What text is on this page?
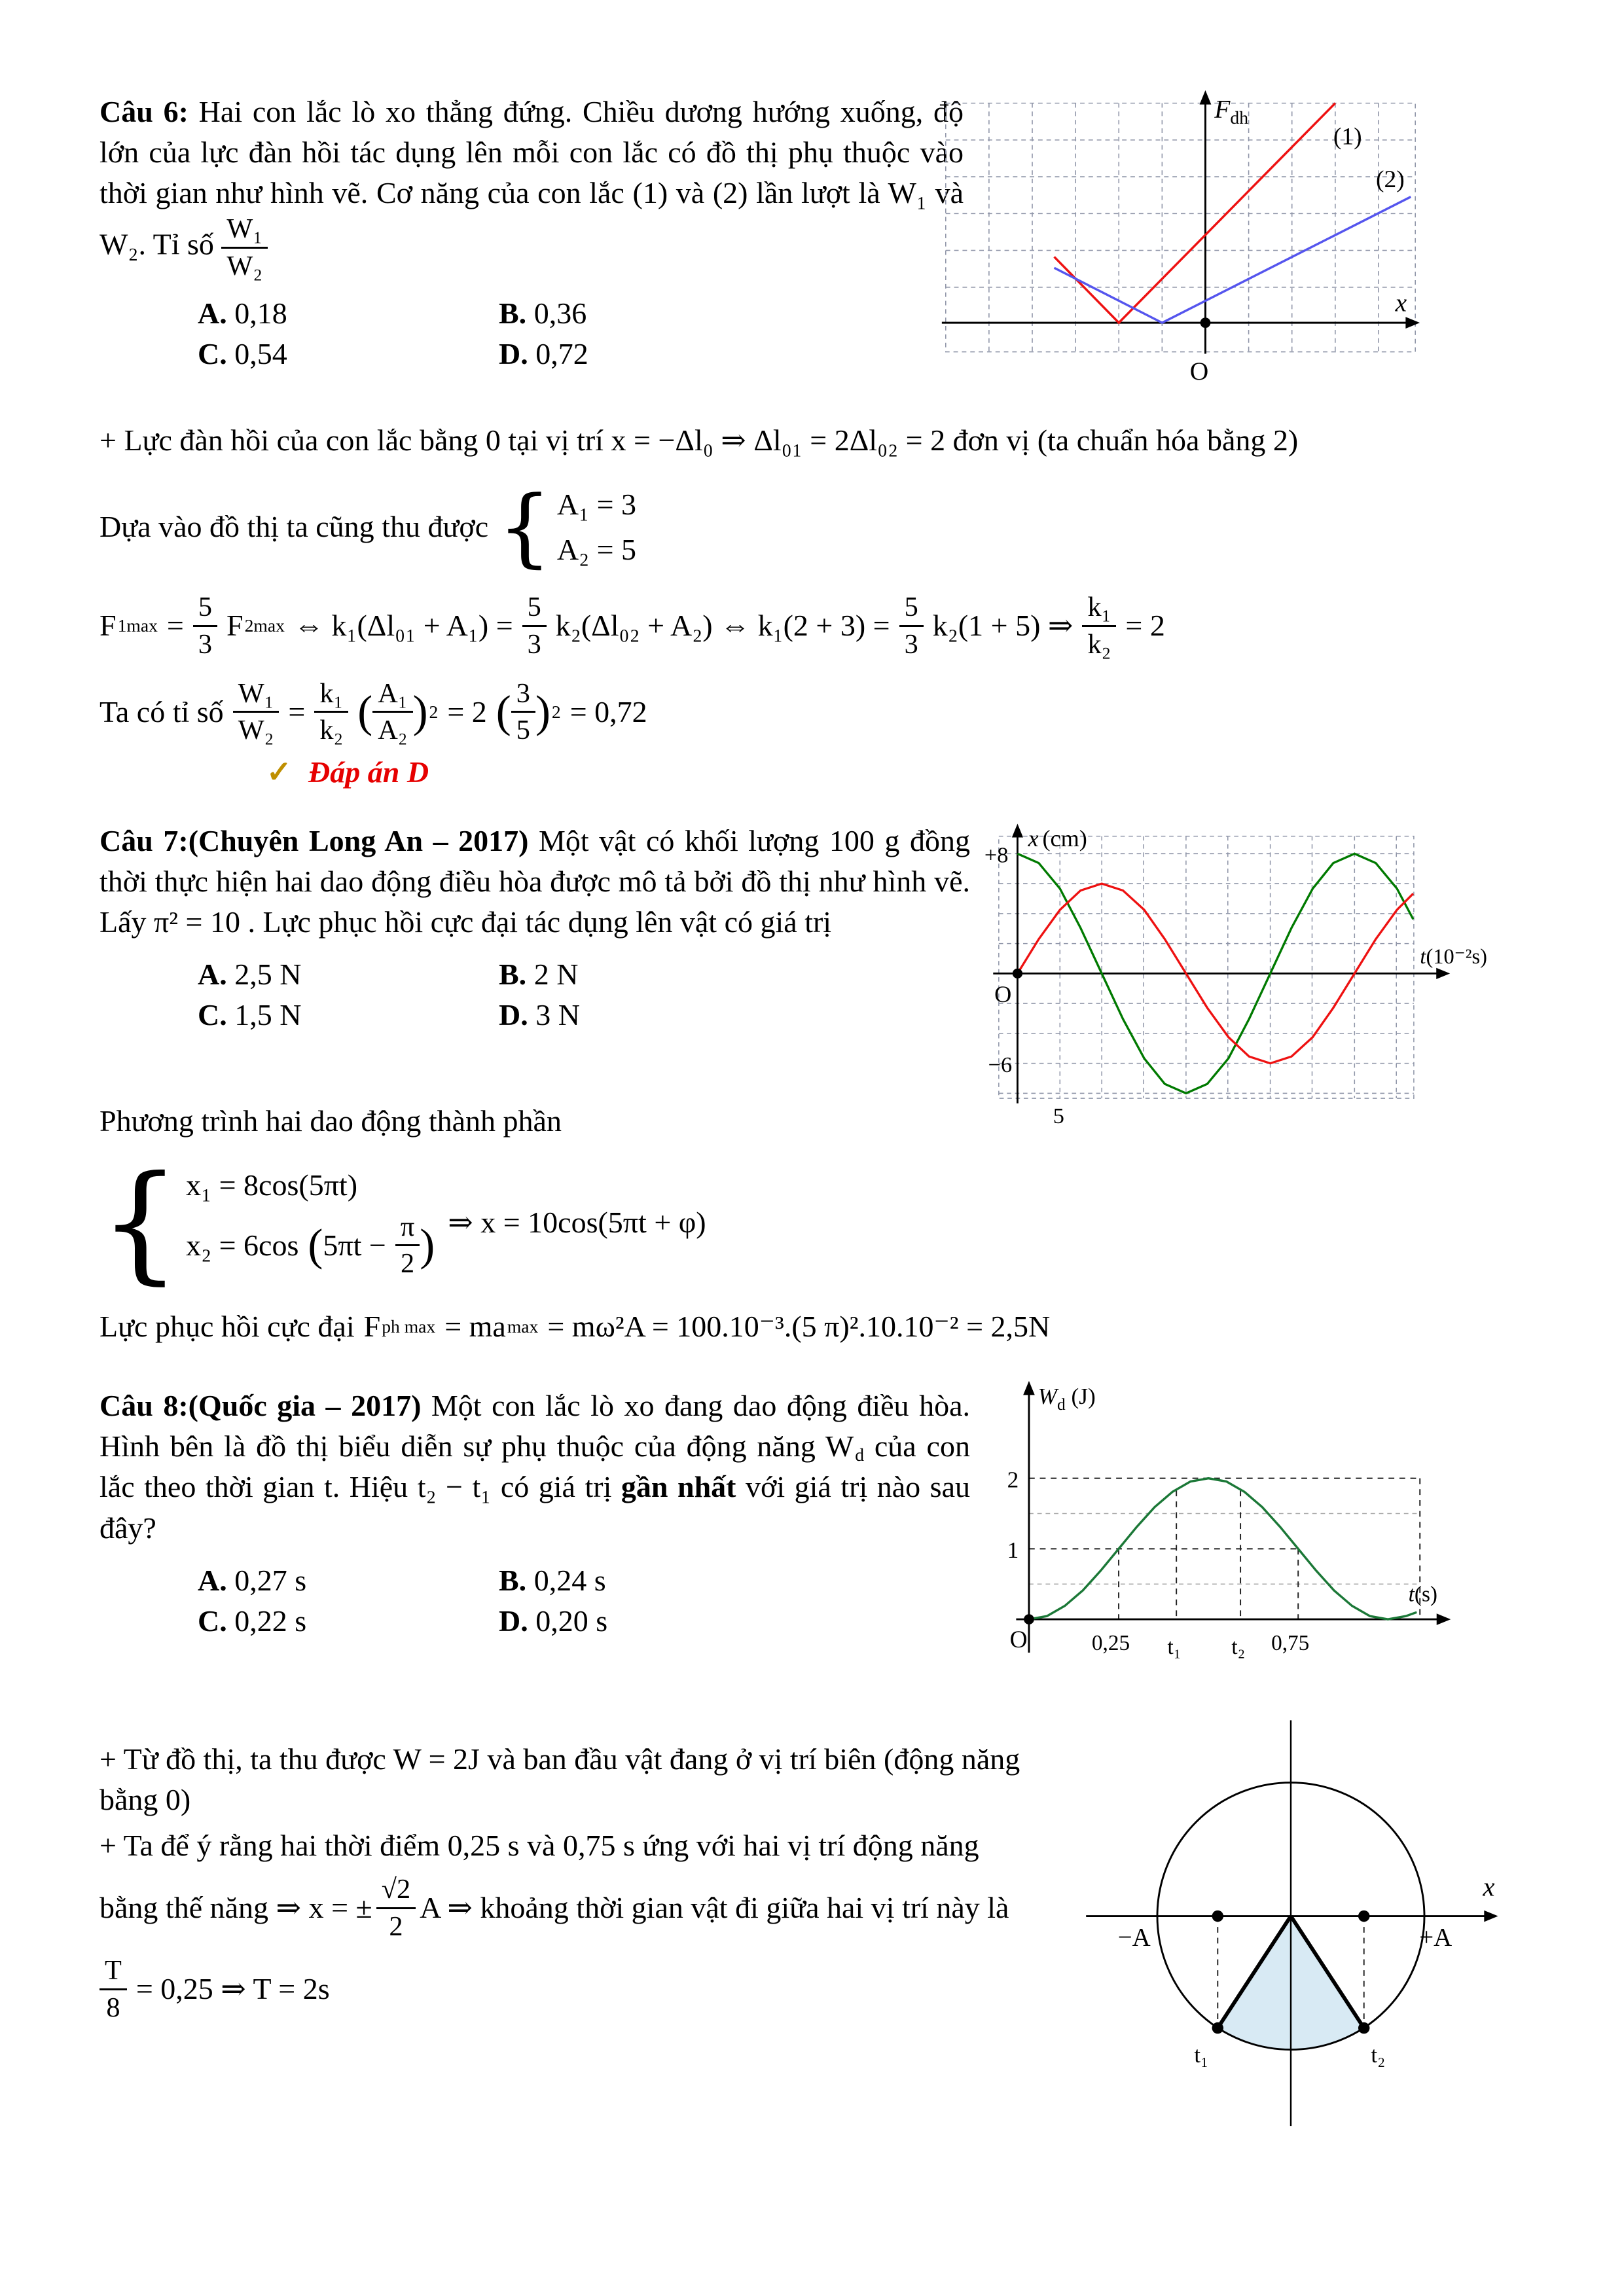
Câu 6: Hai con lắc lò xo thẳng đứng. Chiều dương hướng xuống, độ lớn của lực đàn hồi tác dụng lên mỗi con lắc có đồ thị phụ thuộc vào thời gian như hình vẽ. Cơ năng của con lắc (1) và (2) lần lượt là W₁ và W₂. Tỉ số $\frac{\text{W₁}}{\text{W₂}}$

A. 0,18	B. 0,36
C. 0,54	D. 0,72
$F_{dh}$
(1)
(2)
x
O

+ Lực đàn hồi của con lắc bằng 0 tại vị trí x = −Δl₀ ⇒ Δl₀₁ = 2Δl₀₂ = 2 đơn vị (ta chuẩn hóa bằng 2)

Dựa vào đồ thị ta cũng thu được { A₁ = 3
A₂ = 5
F $1\max = \frac{5}{3}$ F 2max ⇔ $k_1(\Delta l_{01} + A_1) = \frac{5}{3} k_2(\Delta l_{02} + A_2)$ ⇔ $k_1(2 + 3) = \frac{5}{3} k_2(1 + 5)$ ⇒ $\frac{\text{k₁}}{\text{k₂}} = 2$
Ta có tỉ số $\frac{\text{W₁}}{\text{W₂}} = \frac{\text{k₁}}{\text{k₂}}$ ( $\frac{\text{A₁}}{\text{A₂}}$ ) 2 = 2 ( $\frac{3}{5}$ ) 2 = 0,72

✓ Đáp án D

Câu 7:(Chuyên Long An – 2017) Một vật có khối lượng 100 g đồng thời thực hiện hai dao động điều hòa được mô tả bởi đồ thị như hình vẽ. Lấy π² = 10 . Lực phục hồi cực đại tác dụng lên vật có giá trị

A. 2,5 N	B. 2 N
C. 1,5 N	D. 3 N
x (cm)
t(10⁻²s)
+8
−6
O
5

Phương trình hai dao động thành phần

{ x₁ = 8cos(5πt)
x₂ = 6cos ( $5\pi t - \frac{\pi}{2}$ ) ⇒ x = 10cos(5πt + φ)
Lực phục hồi cực đại F ph max = ma max = mω²A = 100.10⁻³.(5 π)².10.10⁻² = 2,5N

Câu 8:(Quốc gia – 2017) Một con lắc lò xo đang dao động điều hòa. Hình bên là đồ thị biểu diễn sự phụ thuộc của động năng Wd của con lắc theo thời gian t. Hiệu t₂ − t₁ có giá trị gần nhất với giá trị nào sau đây?

A. 0,27 s	B. 0,24 s
C. 0,22 s	D. 0,20 s
$W_d$ (J)
2
1
t(s)
O	0,25 t₁ t₂ 0,75

+ Từ đồ thị, ta thu được W = 2J và ban đầu vật đang ở vị trí biên (động năng bằng 0)

+ Ta để ý rằng hai thời điểm 0,25 s và 0,75 s ứng với hai vị trí động năng

bằng thế năng ⇒ x = ± $\frac{√2}{2}$ A ⇒ khoảng thời gian vật đi giữa hai vị trí này là
$\frac{T}{8} = 0,25$ ⇒ T = 2s
x
−A	+A
t₁	t₂
